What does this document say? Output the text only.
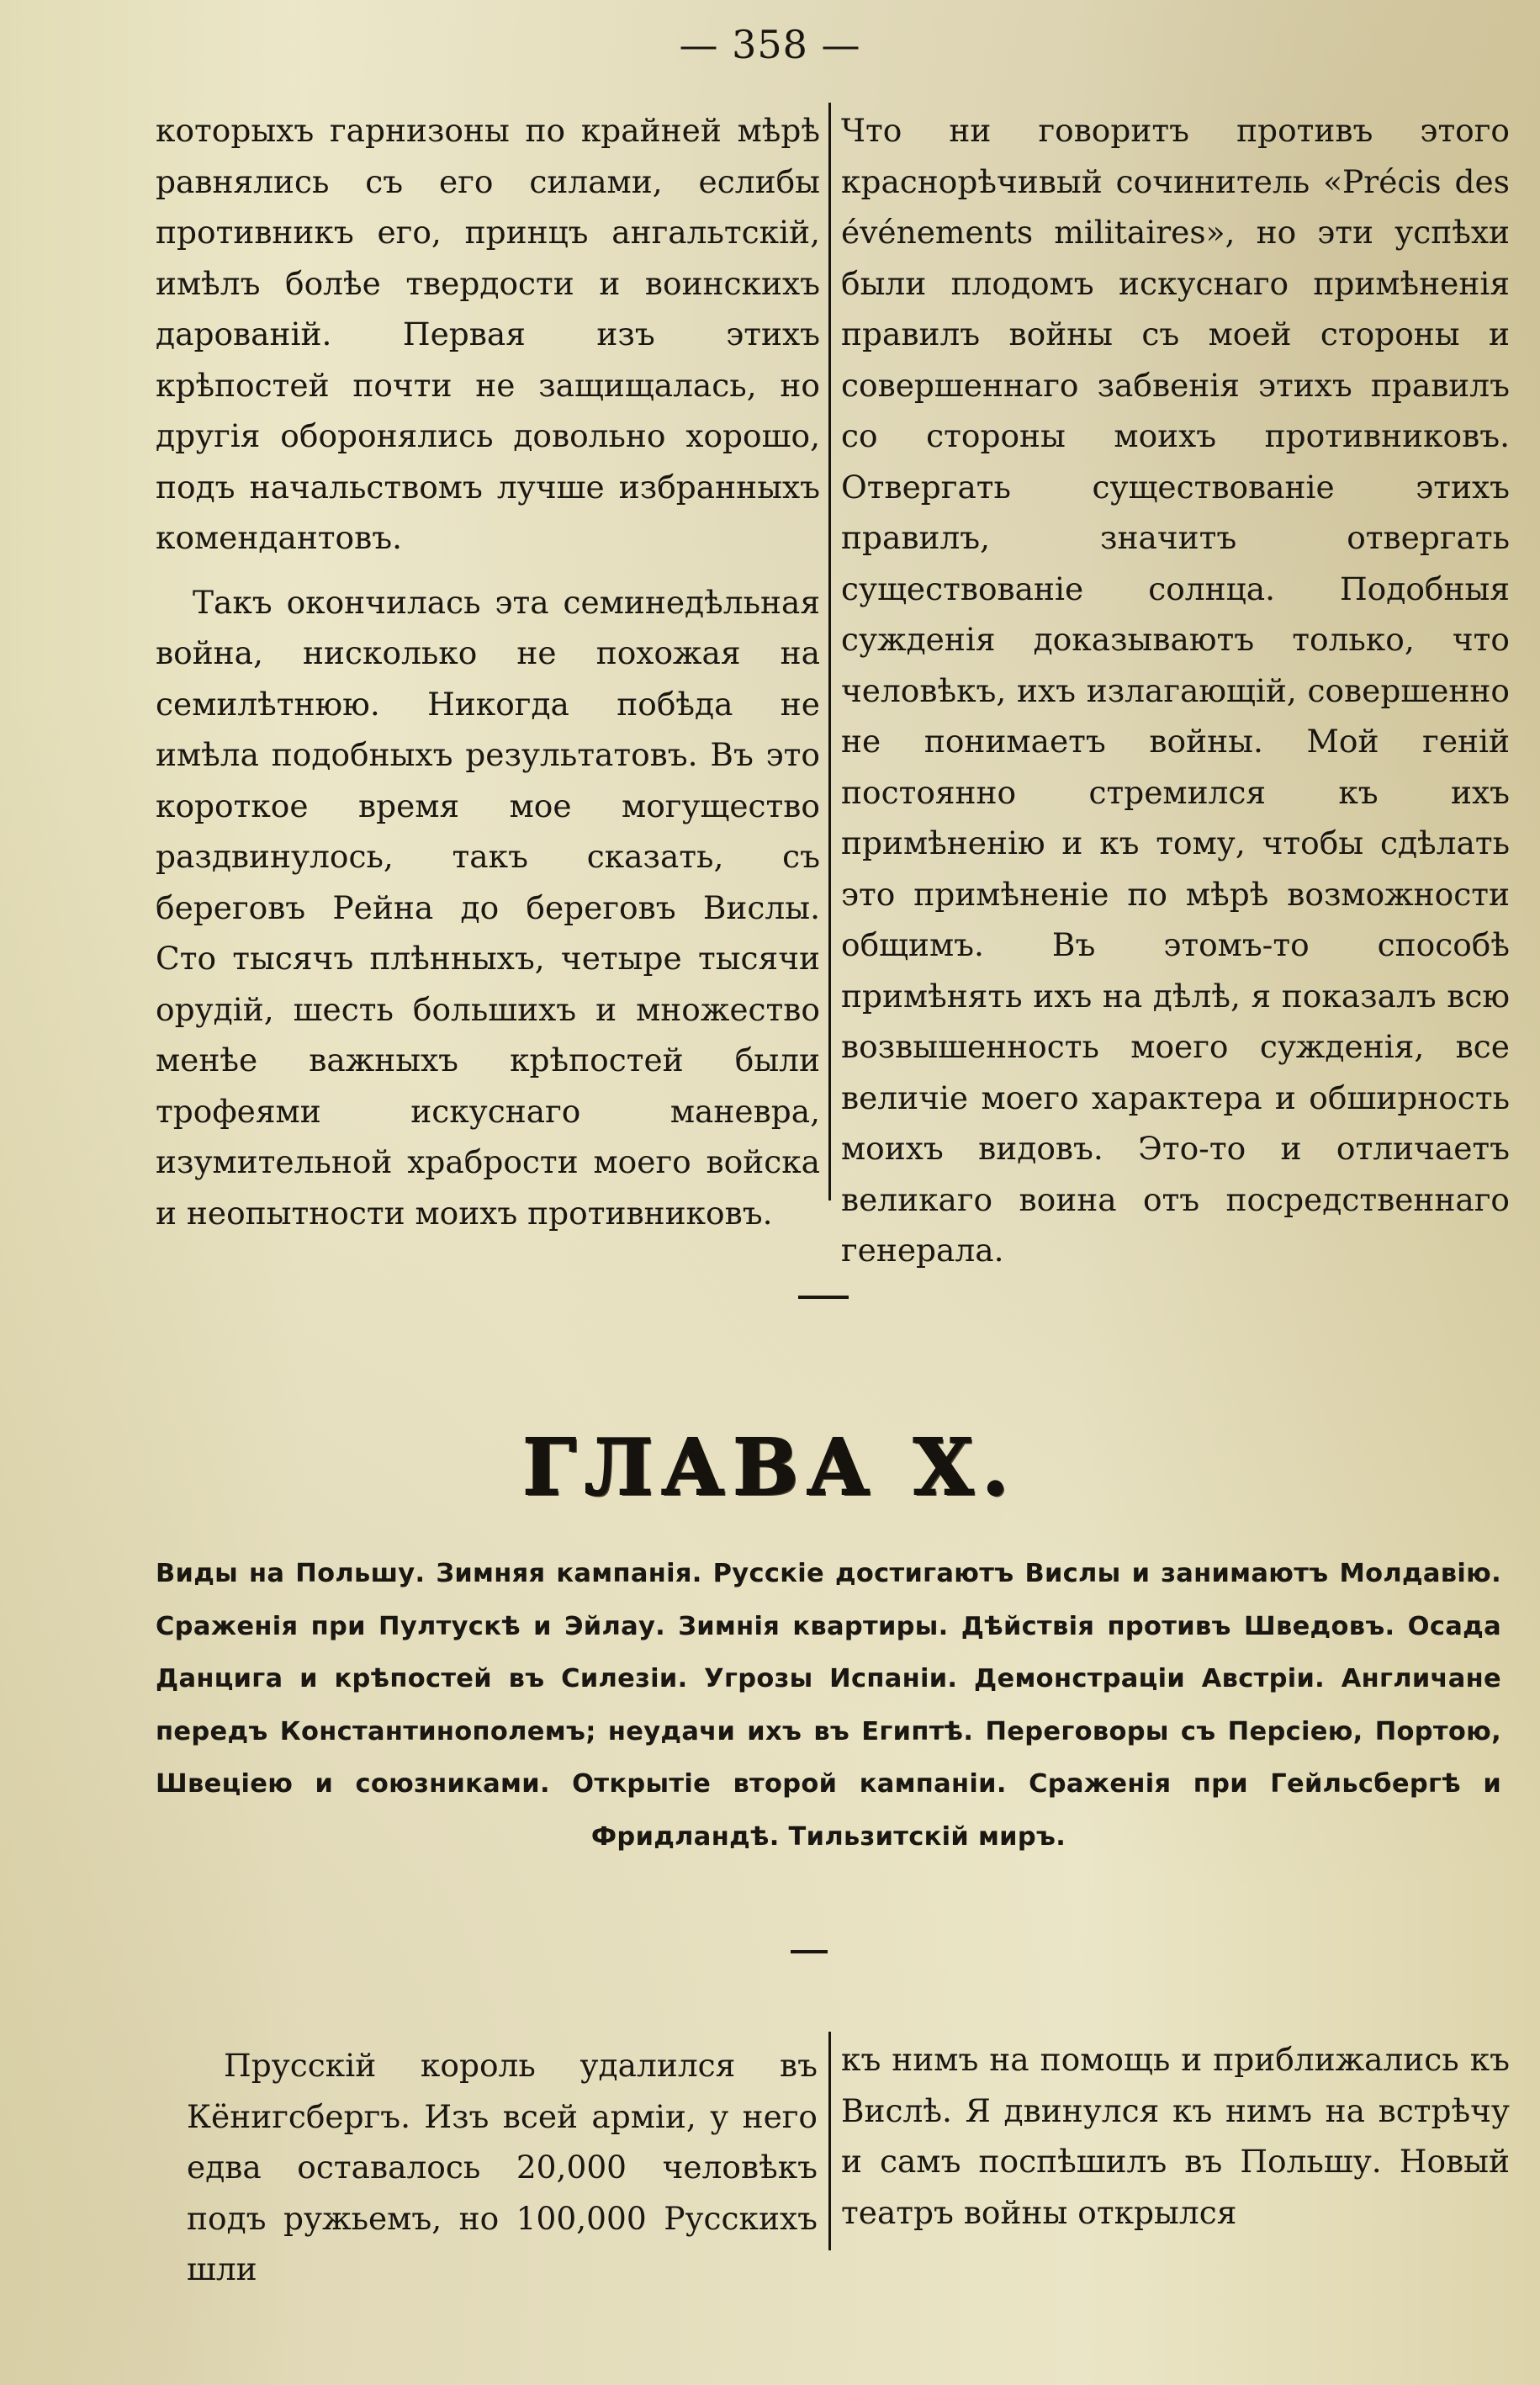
— 358 —

которыхъ гарнизоны по крайней мѣрѣ равнялись съ его силами, еслибы противникъ его, принцъ ангальтскій, имѣлъ болѣе твердости и воинскихъ дарованій. Первая изъ этихъ крѣпостей почти не защищалась, но другія оборонялись довольно хорошо, подъ начальствомъ лучше избранныхъ комендантовъ.

Такъ окончилась эта семинедѣльная война, нисколько не похожая на семилѣтнюю. Никогда побѣда не имѣла подобныхъ результатовъ. Въ это короткое время мое могущество раздвинулось, такъ сказать, съ береговъ Рейна до береговъ Вислы. Сто тысячъ плѣнныхъ, четыре тысячи орудій, шесть большихъ и множество менѣе важныхъ крѣпостей были трофеями искуснаго маневра, изумительной храбрости моего войска и неопытности моихъ противниковъ.

Что ни говоритъ противъ этого краснорѣчивый сочинитель «Précis des événements militaires», но эти успѣхи были плодомъ искуснаго примѣненія правилъ войны съ моей стороны и совершеннаго забвенія этихъ правилъ со стороны моихъ противниковъ. Отвергать существованіе этихъ правилъ, значитъ отвергать существованіе солнца. Подобныя сужденія доказываютъ только, что человѣкъ, ихъ излагающій, совершенно не понимаетъ войны. Мой геній постоянно стремился къ ихъ примѣненію и къ тому, чтобы сдѣлать это примѣненіе по мѣрѣ возможности общимъ. Въ этомъ-то способѣ примѣнять ихъ на дѣлѣ, я показалъ всю возвышенность моего сужденія, все величіе моего характера и обширность моихъ видовъ. Это-то и отличаетъ великаго воина отъ посредственнаго генерала.

ГЛАВА Х.
Виды на Польшу. Зимняя кампанія. Русскіе достигаютъ Вислы и занимаютъ Молдавію. Сраженія при Пултускѣ и Эйлау. Зимнія квартиры. Дѣйствія противъ Шведовъ. Осада Данцига и крѣпостей въ Силезіи. Угрозы Испаніи. Демонстраціи Австріи. Англичане передъ Константинополемъ; неудачи ихъ въ Египтѣ. Переговоры съ Персіею, Портою, Швеціею и союзниками. Открытіе второй кампаніи. Сраженія при Гейльсбергѣ и Фридландѣ. Тильзитскій миръ.
Прусскій король удалился въ Кёнигсбергъ. Изъ всей арміи, у него едва оставалось 20,000 человѣкъ подъ ружьемъ, но 100,000 Русскихъ шли
къ нимъ на помощь и приближались къ Вислѣ. Я двинулся къ нимъ на встрѣчу и самъ поспѣшилъ въ Польшу. Новый театръ войны открылся
